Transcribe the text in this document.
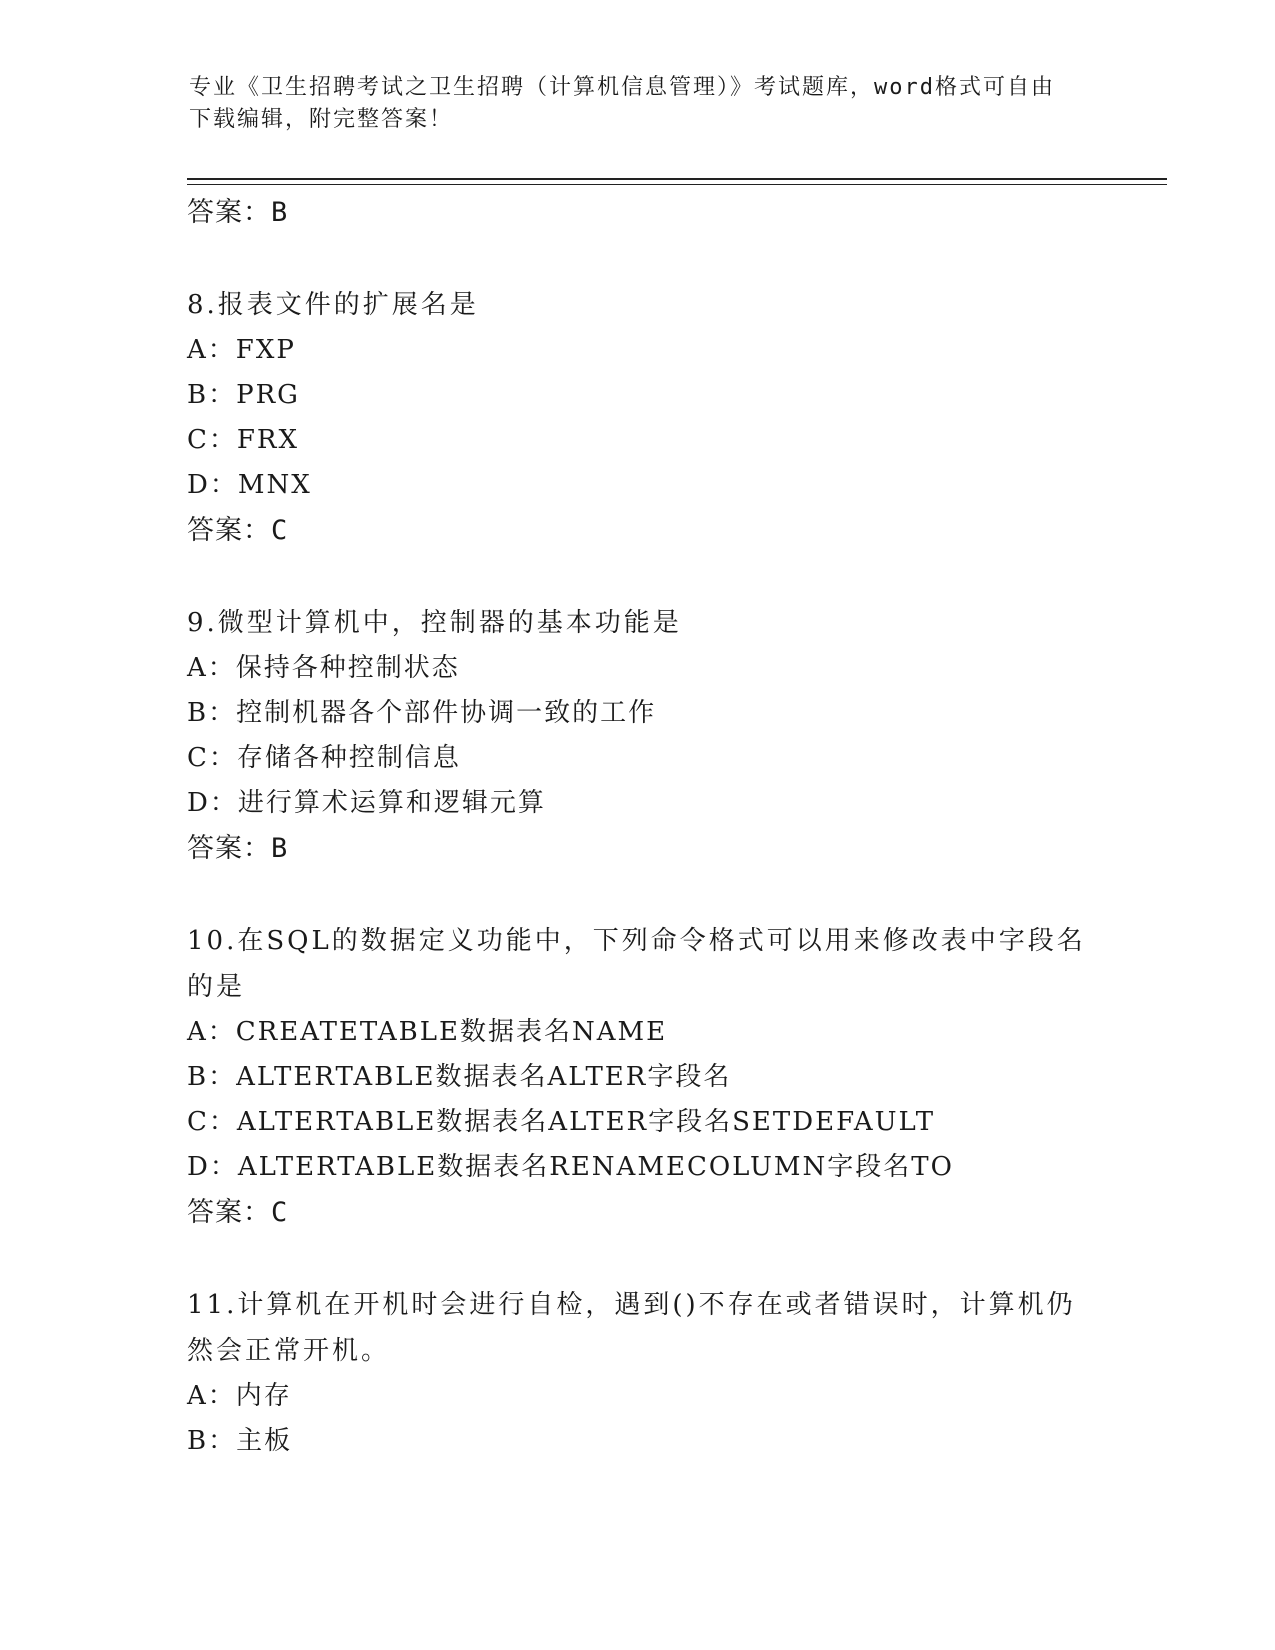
专业《卫生招聘考试之卫生招聘（计算机信息管理）》考试题库，word格式可自由下载编辑，附完整答案！
答案：B
8.报表文件的扩展名是
A：FXP
B：PRG
C：FRX
D：MNX
答案：C
9.微型计算机中，控制器的基本功能是
A：保持各种控制状态
B：控制机器各个部件协调一致的工作
C：存储各种控制信息
D：进行算术运算和逻辑元算
答案：B
10.在SQL的数据定义功能中，下列命令格式可以用来修改表中字段名的是
A：CREATETABLE数据表名NAME
B：ALTERTABLE数据表名ALTER字段名
C：ALTERTABLE数据表名ALTER字段名SETDEFAULT
D：ALTERTABLE数据表名RENAMECOLUMN字段名TO
答案：C
11.计算机在开机时会进行自检，遇到()不存在或者错误时，计算机仍然会正常开机。
A：内存
B：主板
